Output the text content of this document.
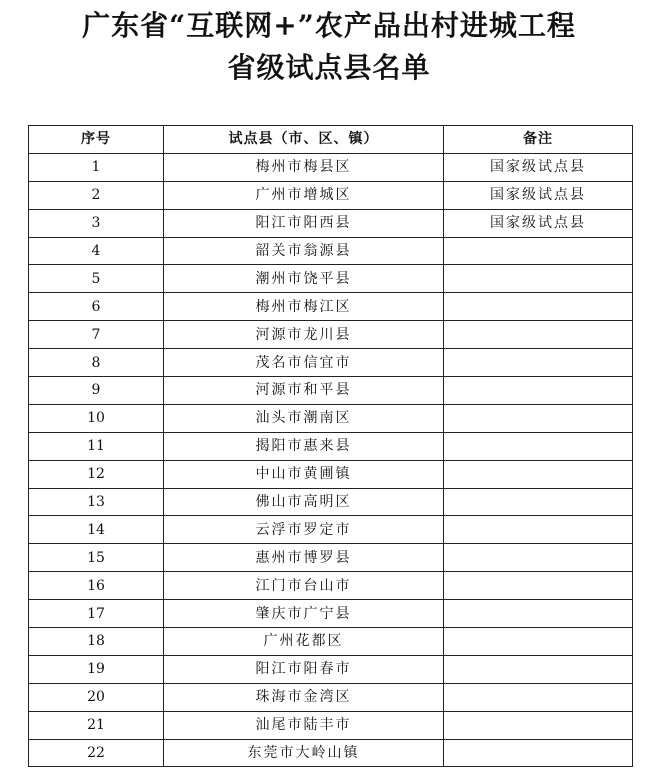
广东省“互联网+”农产品出村进城工程
省级试点县名单
序号	试点县（市、区、镇）	备注
1	梅州市梅县区	国家级试点县
2	广州市增城区	国家级试点县
3	阳江市阳西县	国家级试点县
4	韶关市翁源县	
5	潮州市饶平县	
6	梅州市梅江区	
7	河源市龙川县	
8	茂名市信宜市	
9	河源市和平县	
10	汕头市潮南区	
11	揭阳市惠来县	
12	中山市黄圃镇	
13	佛山市高明区	
14	云浮市罗定市	
15	惠州市博罗县	
16	江门市台山市	
17	肇庆市广宁县	
18	广州花都区	
19	阳江市阳春市	
20	珠海市金湾区	
21	汕尾市陆丰市	
22	东莞市大岭山镇	
